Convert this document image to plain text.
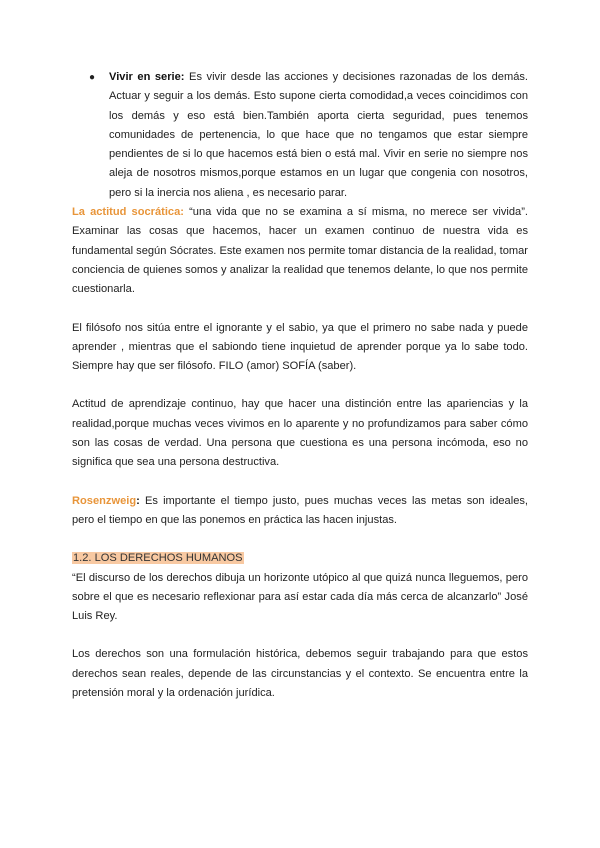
● Vivir en serie: Es vivir desde las acciones y decisiones razonadas de los demás. Actuar y seguir a los demás. Esto supone cierta comodidad,a veces coincidimos con los demás y eso está bien.También aporta cierta seguridad, pues tenemos comunidades de pertenencia, lo que hace que no tengamos que estar siempre pendientes de si lo que hacemos está bien o está mal. Vivir en serie no siempre nos aleja de nosotros mismos,porque estamos en un lugar que congenia con nosotros, pero si la inercia nos aliena , es necesario parar.

La actitud socrática: “una vida que no se examina a sí misma, no merece ser vivida”. Examinar las cosas que hacemos, hacer un examen continuo de nuestra vida es fundamental según Sócrates. Este examen nos permite tomar distancia de la realidad, tomar conciencia de quienes somos y analizar la realidad que tenemos delante, lo que nos permite cuestionarla.

El filósofo nos sitúa entre el ignorante y el sabio, ya que el primero no sabe nada y puede aprender , mientras que el sabiondo tiene inquietud de aprender porque ya lo sabe todo. Siempre hay que ser filósofo. FILO (amor) SOFÍA (saber).

Actitud de aprendizaje continuo, hay que hacer una distinción entre las apariencias y la realidad,porque muchas veces vivimos en lo aparente y no profundizamos para saber cómo son las cosas de verdad. Una persona que cuestiona es una persona incómoda, eso no significa que sea una persona destructiva.

Rosenzweig: Es importante el tiempo justo, pues muchas veces las metas son ideales, pero el tiempo en que las ponemos en práctica las hacen injustas.

1.2. LOS DERECHOS HUMANOS

“El discurso de los derechos dibuja un horizonte utópico al que quizá nunca lleguemos, pero sobre el que es necesario reflexionar para así estar cada día más cerca de alcanzarlo” José Luis Rey.

Los derechos son una formulación histórica, debemos seguir trabajando para que estos derechos sean reales, depende de las circunstancias y el contexto. Se encuentra entre la pretensión moral y la ordenación jurídica.
